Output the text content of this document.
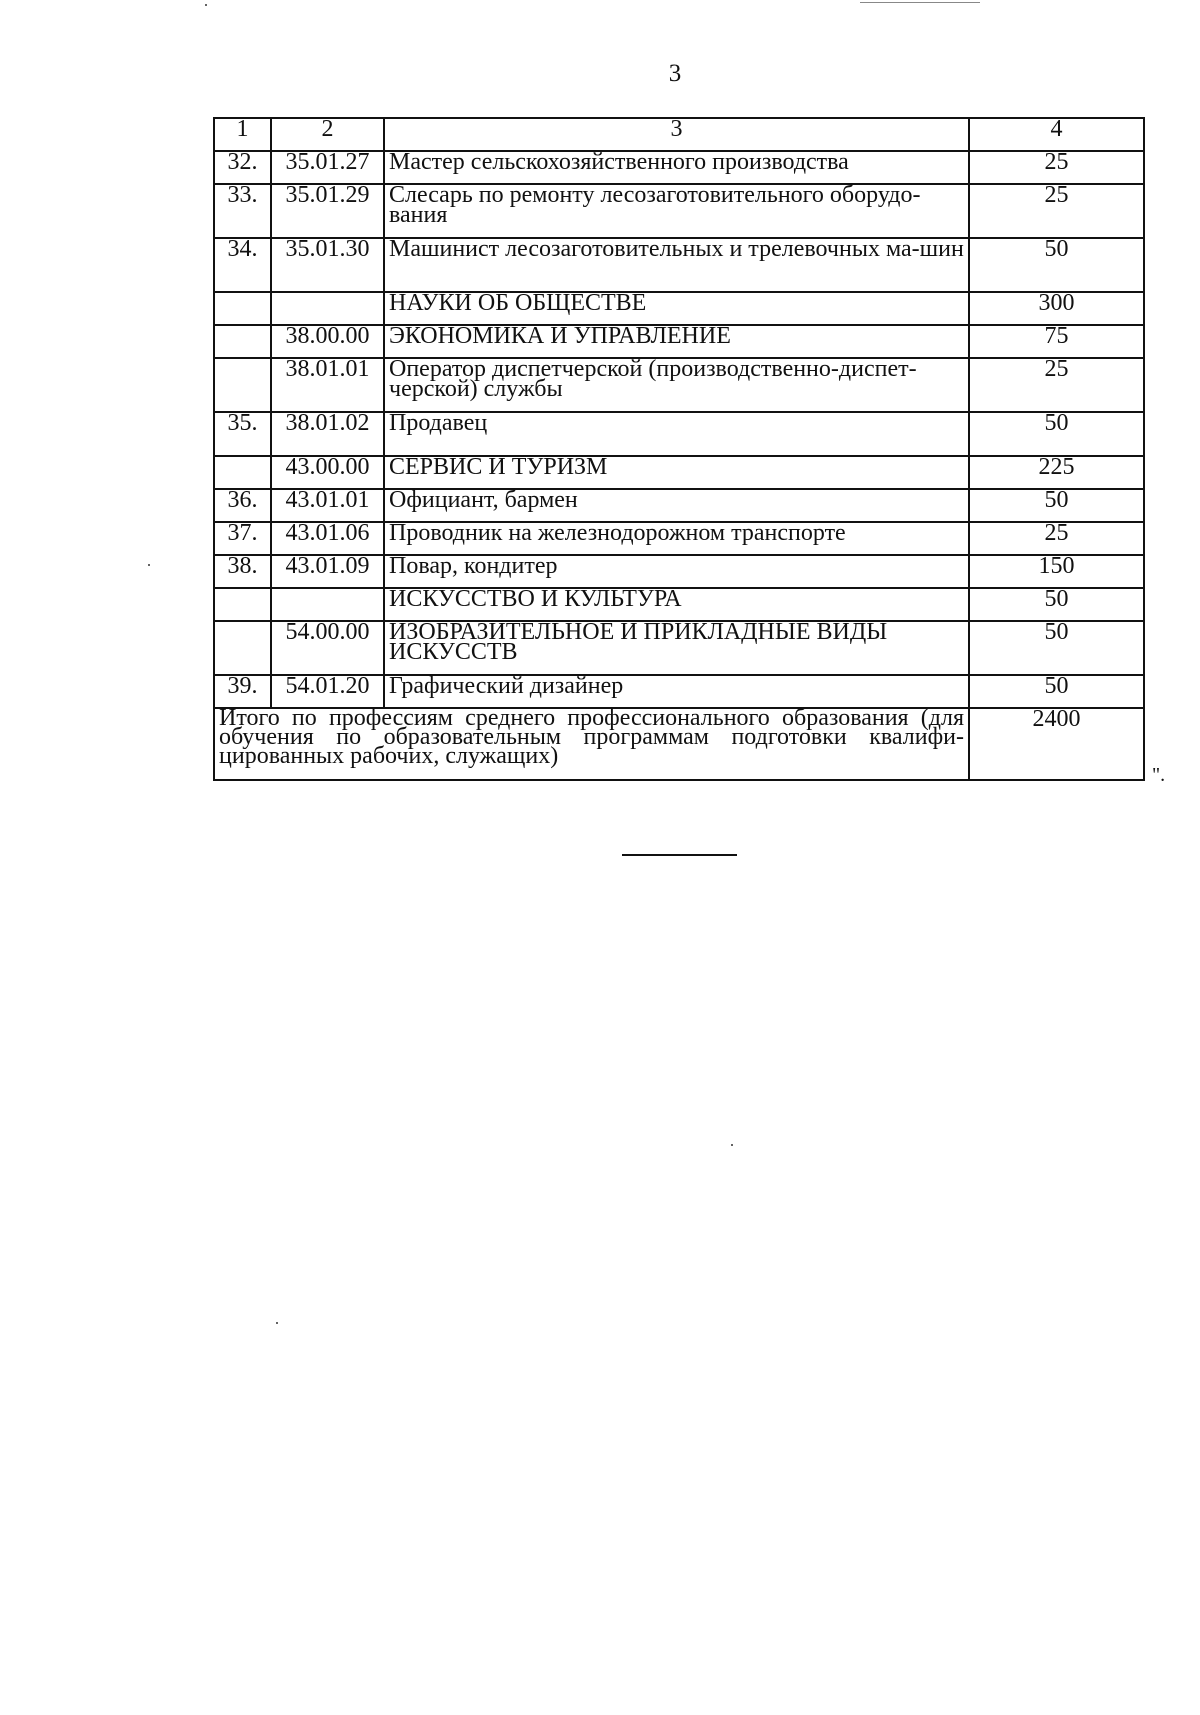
3
1	2	3	4
32.	35.01.27	Мастер сельскохозяйственного производства	25
33.	35.01.29	Слесарь по ремонту лесозаготовительного оборудо-вания	25
34.	35.01.30	Машинист лесозаготовительных и трелевочных ма-шин	50
		НАУКИ ОБ ОБЩЕСТВЕ	300
	38.00.00	ЭКОНОМИКА И УПРАВЛЕНИЕ	75
	38.01.01	Оператор диспетчерской (производственно-диспет-черской) службы	25
35.	38.01.02	Продавец	50
	43.00.00	СЕРВИС И ТУРИЗМ	225
36.	43.01.01	Официант, бармен	50
37.	43.01.06	Проводник на железнодорожном транспорте	25
38.	43.01.09	Повар, кондитер	150
		ИСКУССТВО И КУЛЬТУРА	50
	54.00.00	ИЗОБРАЗИТЕЛЬНОЕ И ПРИКЛАДНЫЕ ВИДЫ ИСКУССТВ	50
39.	54.01.20	Графический дизайнер	50
Итого по профессиям среднего профессионального образования (для обучения по образовательным программам подготовки квалифи-цированных рабочих, служащих)			2400
".
